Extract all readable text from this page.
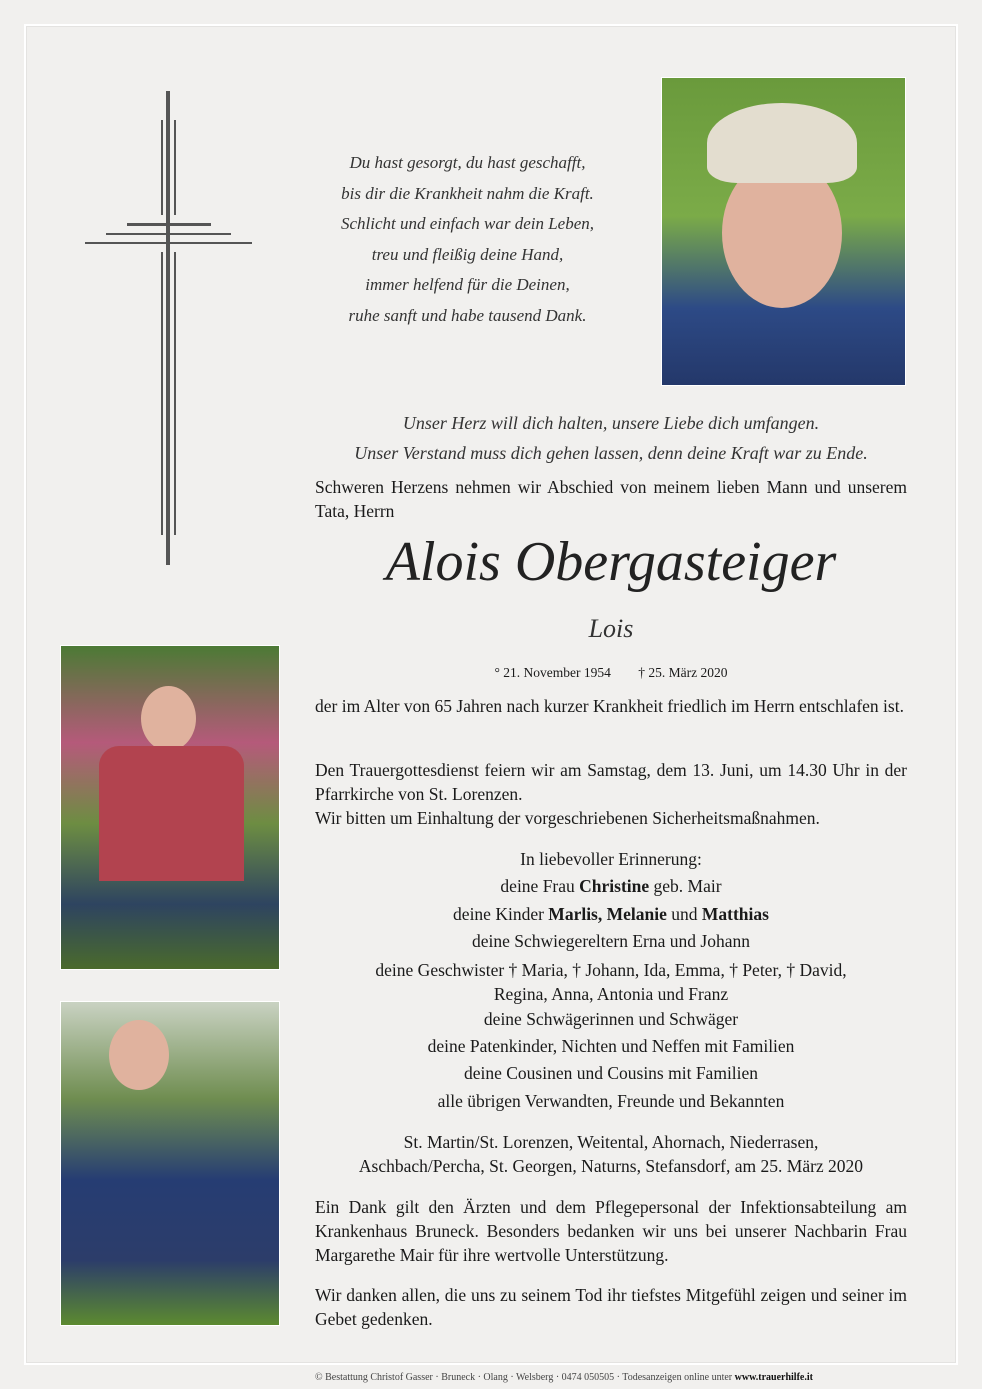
Du hast gesorgt, du hast geschafft,
bis dir die Krankheit nahm die Kraft.
Schlicht und einfach war dein Leben,
treu und fleißig deine Hand,
immer helfend für die Deinen,
ruhe sanft und habe tausend Dank.
Unser Herz will dich halten, unsere Liebe dich umfangen.
Unser Verstand muss dich gehen lassen, denn deine Kraft war zu Ende.
Schweren Herzens nehmen wir Abschied von meinem lieben Mann und unserem Tata, Herrn
Alois Obergasteiger
Lois
° 21. November 1954 † 25. März 2020
der im Alter von 65 Jahren nach kurzer Krankheit friedlich im Herrn entschlafen ist.
Den Trauergottesdienst feiern wir am Samstag, dem 13. Juni, um 14.30 Uhr in der Pfarrkirche von St. Lorenzen.
Wir bitten um Einhaltung der vorgeschriebenen Sicherheitsmaßnahmen.
In liebevoller Erinnerung:
deine Frau Christine geb. Mair
deine Kinder Marlis, Melanie und Matthias
deine Schwiegereltern Erna und Johann
deine Geschwister † Maria, † Johann, Ida, Emma, † Peter, † David,
Regina, Anna, Antonia und Franz
deine Schwägerinnen und Schwäger
deine Patenkinder, Nichten und Neffen mit Familien
deine Cousinen und Cousins mit Familien
alle übrigen Verwandten, Freunde und Bekannten
St. Martin/St. Lorenzen, Weitental, Ahornach, Niederrasen,
Aschbach/Percha, St. Georgen, Naturns, Stefansdorf, am 25. März 2020
Ein Dank gilt den Ärzten und dem Pflegepersonal der Infektionsabteilung am Krankenhaus Bruneck. Besonders bedanken wir uns bei unserer Nachbarin Frau Margarethe Mair für ihre wertvolle Unterstützung.
Wir danken allen, die uns zu seinem Tod ihr tiefstes Mitgefühl zeigen und seiner im Gebet gedenken.
© Bestattung Christof Gasser · Bruneck · Olang · Welsberg · 0474 050505 · Todesanzeigen online unter www.trauerhilfe.it
